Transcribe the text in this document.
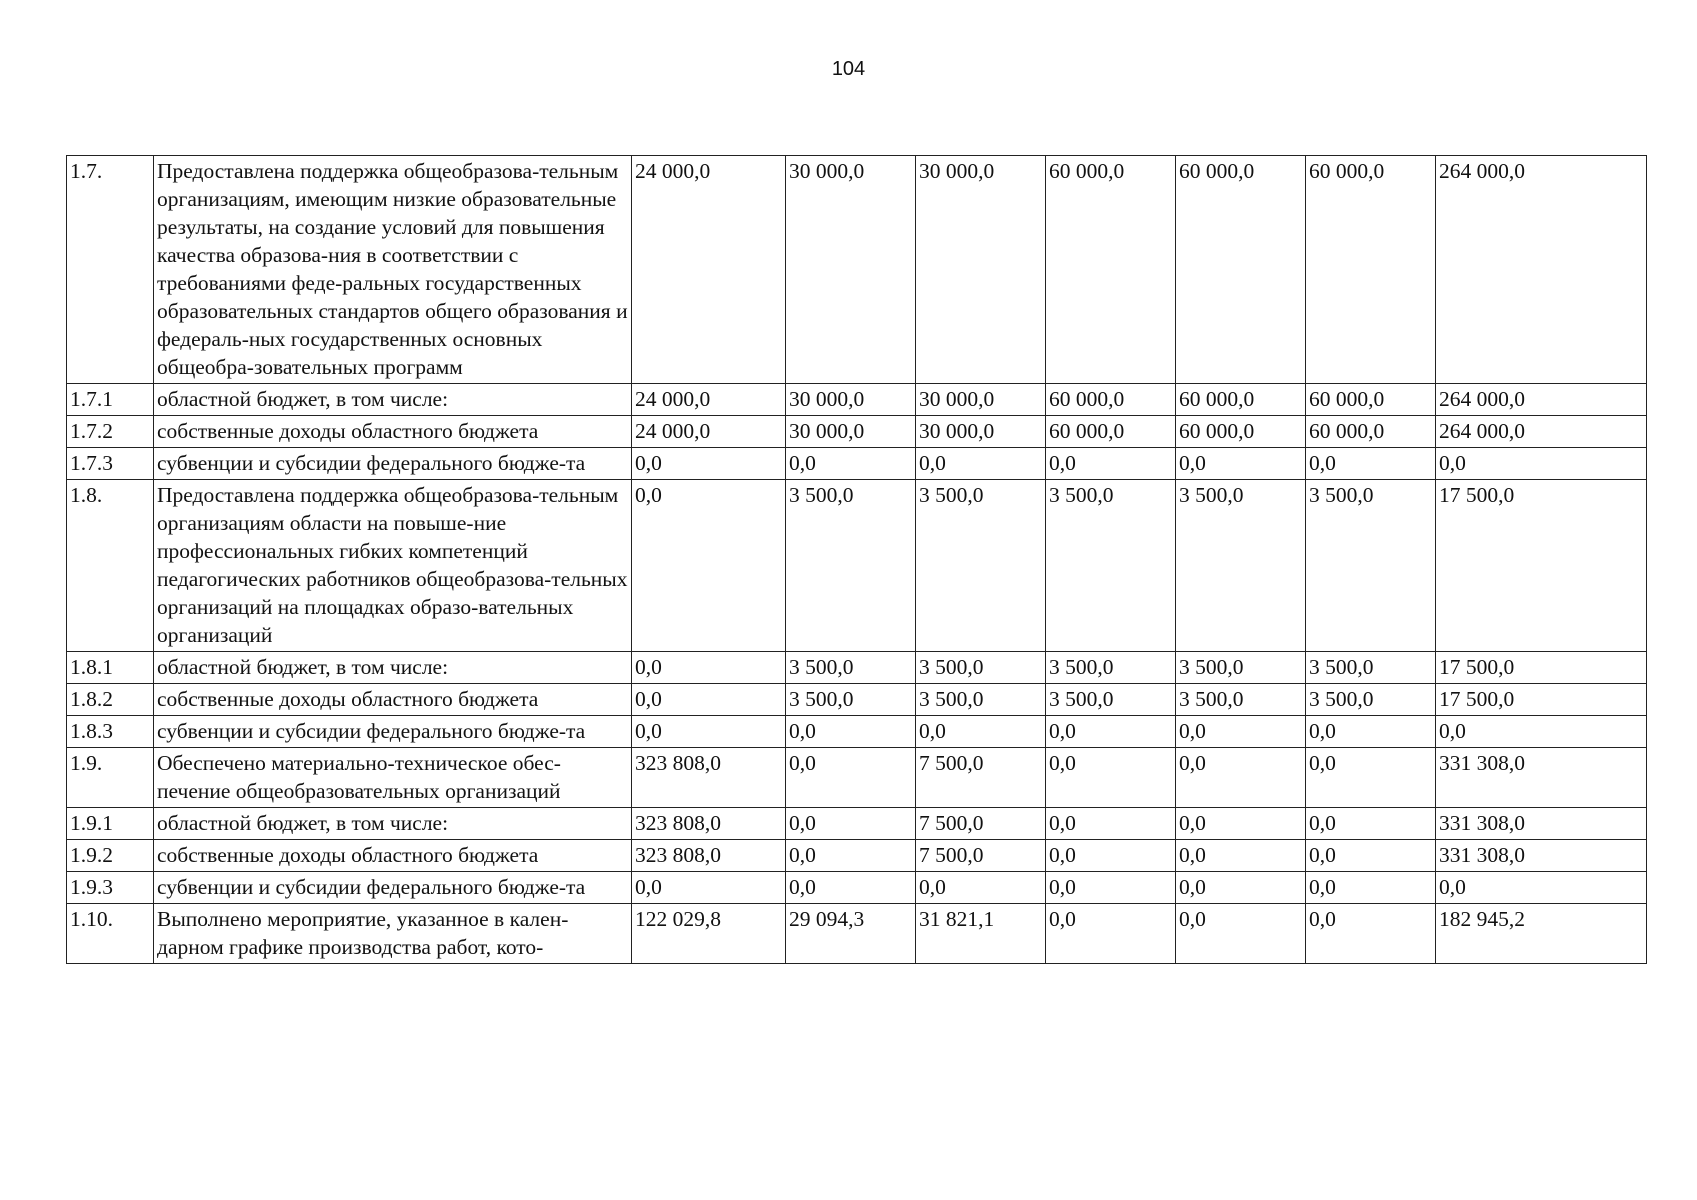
104
1.7.	Предоставлена поддержка общеобразова-тельным организациям, имеющим низкие образовательные результаты, на создание условий для повышения качества образова-ния в соответствии с требованиями феде-ральных государственных образовательных стандартов общего образования и федераль-ных государственных основных общеобра-зовательных программ	24 000,0	30 000,0	30 000,0	60 000,0	60 000,0	60 000,0	264 000,0
1.7.1	областной бюджет, в том числе:	24 000,0	30 000,0	30 000,0	60 000,0	60 000,0	60 000,0	264 000,0
1.7.2	собственные доходы областного бюджета	24 000,0	30 000,0	30 000,0	60 000,0	60 000,0	60 000,0	264 000,0
1.7.3	субвенции и субсидии федерального бюдже-та	0,0	0,0	0,0	0,0	0,0	0,0	0,0
1.8.	Предоставлена поддержка общеобразова-тельным организациям области на повыше-ние профессиональных гибких компетенций педагогических работников общеобразова-тельных организаций на площадках образо-вательных организаций	0,0	3 500,0	3 500,0	3 500,0	3 500,0	3 500,0	17 500,0
1.8.1	областной бюджет, в том числе:	0,0	3 500,0	3 500,0	3 500,0	3 500,0	3 500,0	17 500,0
1.8.2	собственные доходы областного бюджета	0,0	3 500,0	3 500,0	3 500,0	3 500,0	3 500,0	17 500,0
1.8.3	субвенции и субсидии федерального бюдже-та	0,0	0,0	0,0	0,0	0,0	0,0	0,0
1.9.	Обеспечено материально-техническое обес-печение общеобразовательных организаций	323 808,0	0,0	7 500,0	0,0	0,0	0,0	331 308,0
1.9.1	областной бюджет, в том числе:	323 808,0	0,0	7 500,0	0,0	0,0	0,0	331 308,0
1.9.2	собственные доходы областного бюджета	323 808,0	0,0	7 500,0	0,0	0,0	0,0	331 308,0
1.9.3	субвенции и субсидии федерального бюдже-та	0,0	0,0	0,0	0,0	0,0	0,0	0,0
1.10.	Выполнено мероприятие, указанное в кален-дарном графике производства работ, кото-	122 029,8	29 094,3	31 821,1	0,0	0,0	0,0	182 945,2
